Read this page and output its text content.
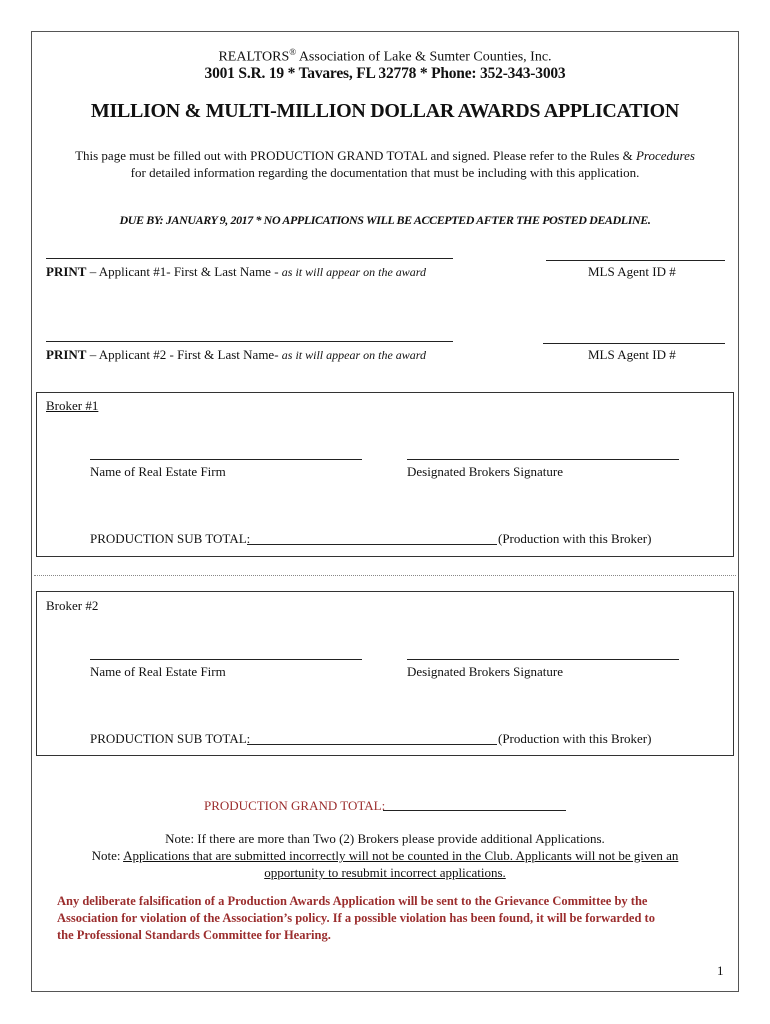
REALTORS® Association of Lake & Sumter Counties, Inc.
3001 S.R. 19 * Tavares, FL 32778 * Phone: 352-343-3003
MILLION & MULTI-MILLION DOLLAR AWARDS APPLICATION
This page must be filled out with PRODUCTION GRAND TOTAL and signed. Please refer to the Rules & Procedures
for detailed information regarding the documentation that must be including with this application.
DUE BY: JANUARY 9, 2017 * NO APPLICATIONS WILL BE ACCEPTED AFTER THE POSTED DEADLINE.
PRINT – Applicant #1- First & Last Name - as it will appear on the award	MLS Agent ID #
PRINT – Applicant #2 - First & Last Name- as it will appear on the award	MLS Agent ID #
Broker #1
Name of Real Estate Firm	Designated Brokers Signature
PRODUCTION SUB TOTAL:	(Production with this Broker)
Broker #2
Name of Real Estate Firm	Designated Brokers Signature
PRODUCTION SUB TOTAL:	(Production with this Broker)
PRODUCTION GRAND TOTAL:
Note: If there are more than Two (2) Brokers please provide additional Applications.
Note: Applications that are submitted incorrectly will not be counted in the Club. Applicants will not be given an
opportunity to resubmit incorrect applications.
Any deliberate falsification of a Production Awards Application will be sent to the Grievance Committee by the
Association for violation of the Association’s policy. If a possible violation has been found, it will be forwarded to
the Professional Standards Committee for Hearing.
1
